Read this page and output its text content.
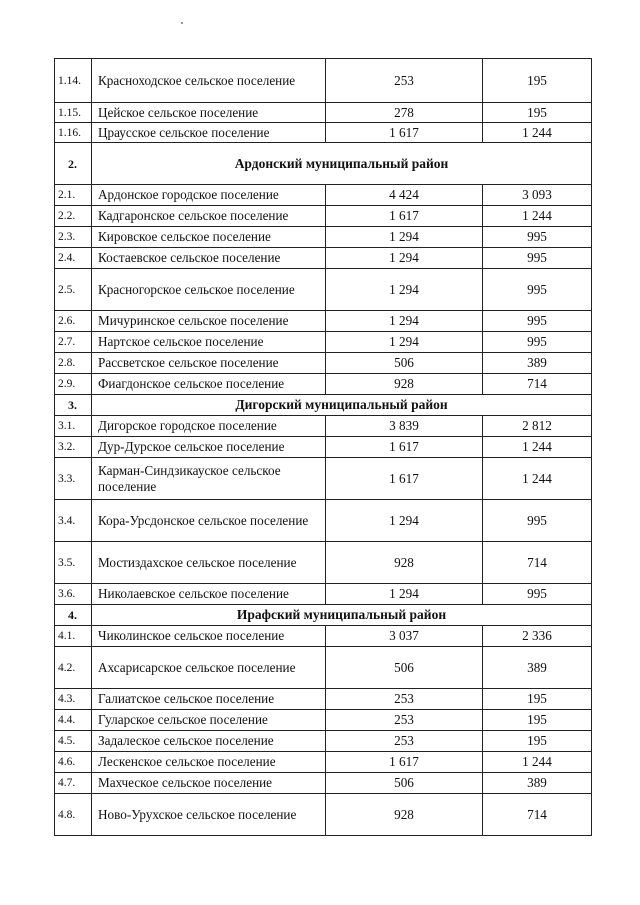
1.14.	Красноходское сельское поселение	253	195
1.15.	Цейское сельское поселение	278	195
1.16.	Цраусское сельское поселение	1 617	1 244
2.	Ардонский муниципальный район		
2.1.	Ардонское городское поселение	4 424	3 093
2.2.	Кадгаронское сельское поселение	1 617	1 244
2.3.	Кировское сельское поселение	1 294	995
2.4.	Костаевское сельское поселение	1 294	995
2.5.	Красногорское сельское поселение	1 294	995
2.6.	Мичуринское сельское поселение	1 294	995
2.7.	Нартское сельское поселение	1 294	995
2.8.	Рассветское сельское поселение	506	389
2.9.	Фиагдонское сельское поселение	928	714
3.	Дигорский муниципальный район		
3.1.	Дигорское городское поселение	3 839	2 812
3.2.	Дур-Дурское сельское поселение	1 617	1 244
3.3.	Карман-Синдзикауское сельское поселение	1 617	1 244
3.4.	Кора-Урсдонское сельское поселение	1 294	995
3.5.	Мостиздахское сельское поселение	928	714
3.6.	Николаевское сельское поселение	1 294	995
4.	Ирафский муниципальный район		
4.1.	Чиколинское сельское поселение	3 037	2 336
4.2.	Ахсарисарское сельское поселение	506	389
4.3.	Галиатское сельское поселение	253	195
4.4.	Гуларское сельское поселение	253	195
4.5.	Задалеское сельское поселение	253	195
4.6.	Лескенское сельское поселение	1 617	1 244
4.7.	Махческое сельское поселение	506	389
4.8.	Ново-Урухское сельское поселение	928	714
